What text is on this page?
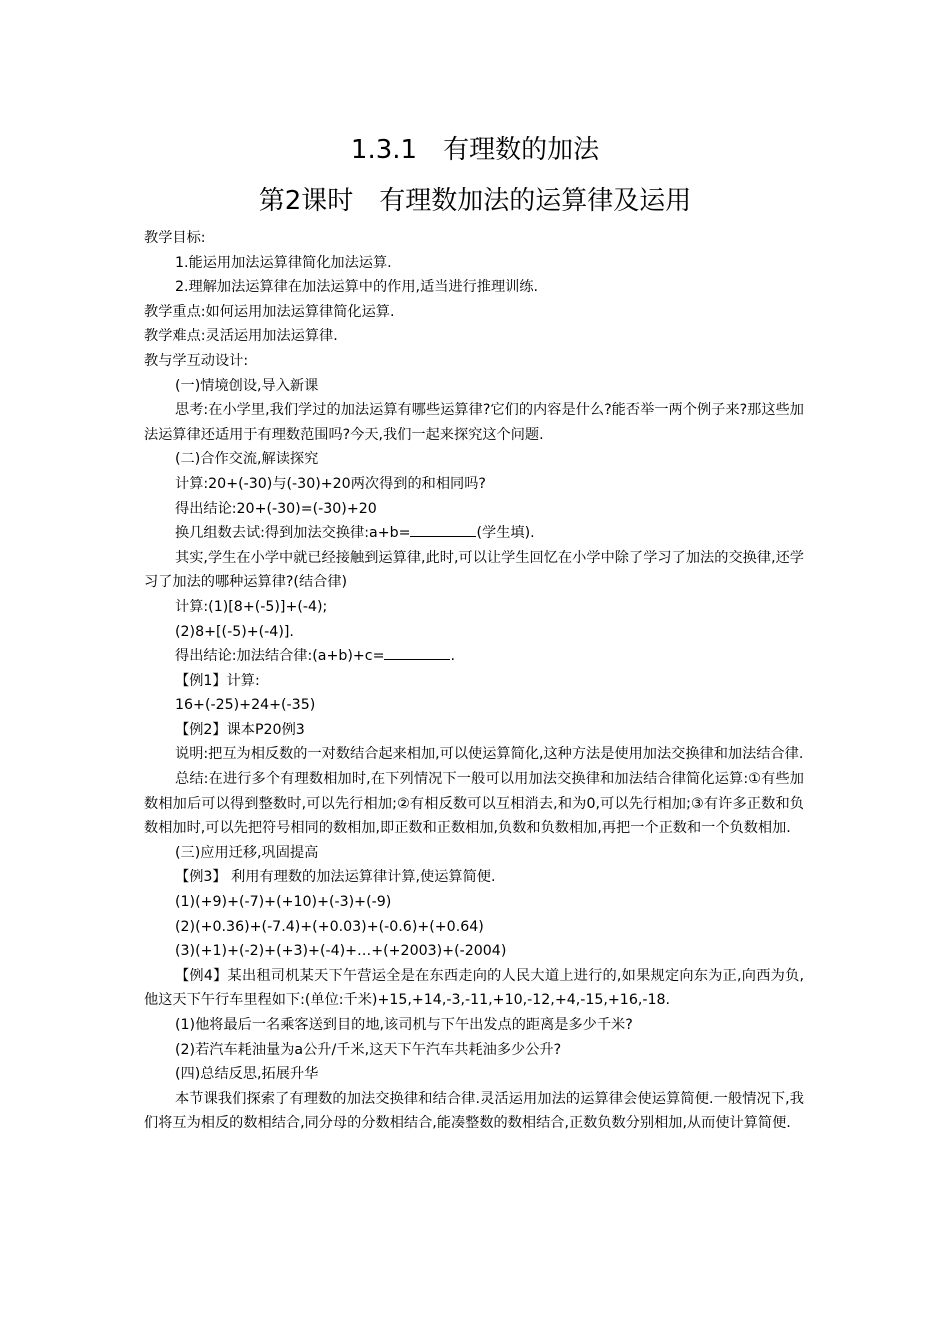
1.3.1　有理数的加法
第2课时　有理数加法的运算律及运用

教学目标:

1.能运用加法运算律简化加法运算.

2.理解加法运算律在加法运算中的作用,适当进行推理训练.

教学重点:如何运用加法运算律简化运算.

教学难点:灵活运用加法运算律.

教与学互动设计:

(一)情境创设,导入新课

思考:在小学里,我们学过的加法运算有哪些运算律?它们的内容是什么?能否举一两个例子来?那这些加法运算律还适用于有理数范围吗?今天,我们一起来探究这个问题.

(二)合作交流,解读探究

计算:20+(-30)与(-30)+20两次得到的和相同吗?

得出结论:20+(-30)=(-30)+20

换几组数去试:得到加法交换律:a+b=	(学生填).

其实,学生在小学中就已经接触到运算律,此时,可以让学生回忆在小学中除了学习了加法的交换律,还学习了加法的哪种运算律?(结合律)

计算:(1)[8+(-5)]+(-4);

(2)8+[(-5)+(-4)].

得出结论:加法结合律:(a+b)+c=	.

【例1】计算:

16+(-25)+24+(-35)

【例2】课本P20例3

说明:把互为相反数的一对数结合起来相加,可以使运算简化,这种方法是使用加法交换律和加法结合律.

总结:在进行多个有理数相加时,在下列情况下一般可以用加法交换律和加法结合律简化运算:①有些加数相加后可以得到整数时,可以先行相加;②有相反数可以互相消去,和为0,可以先行相加;③有许多正数和负数相加时,可以先把符号相同的数相加,即正数和正数相加,负数和负数相加,再把一个正数和一个负数相加.

(三)应用迁移,巩固提高

【例3】 利用有理数的加法运算律计算,使运算简便.

(1)(+9)+(-7)+(+10)+(-3)+(-9)

(2)(+0.36)+(-7.4)+(+0.03)+(-0.6)+(+0.64)

(3)(+1)+(-2)+(+3)+(-4)+…+(+2003)+(-2004)

【例4】某出租司机某天下午营运全是在东西走向的人民大道上进行的,如果规定向东为正,向西为负,他这天下午行车里程如下:(单位:千米)+15,+14,-3,-11,+10,-12,+4,-15,+16,-18.

(1)他将最后一名乘客送到目的地,该司机与下午出发点的距离是多少千米?

(2)若汽车耗油量为a公升/千米,这天下午汽车共耗油多少公升?

(四)总结反思,拓展升华

本节课我们探索了有理数的加法交换律和结合律.灵活运用加法的运算律会使运算简便.一般情况下,我们将互为相反的数相结合,同分母的分数相结合,能凑整数的数相结合,正数负数分别相加,从而使计算简便.
